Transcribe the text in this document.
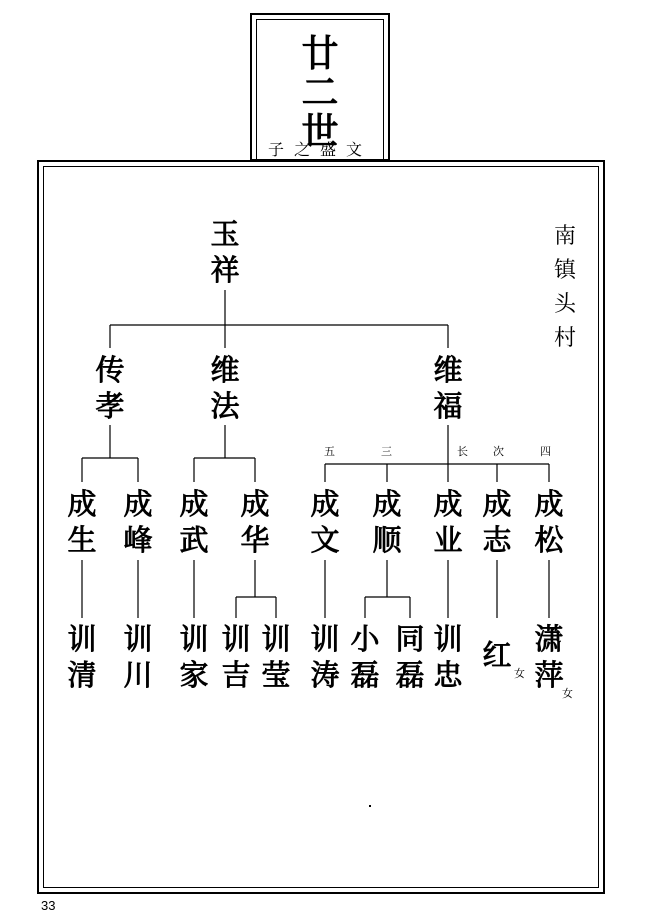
廿
二
世
子之盛文
玉
祥
传
孝
维
法
维
福
五	三	长 次	四
成
生
成
峰
成
武
成
华
成
文
成
顺
成
业
成
志
成
松
训
清
训
川
训
家
训
吉
训
莹
训
涛
小
磊
同
磊
训
忠
红
女
潇
萍
女
南
镇
头
村
33
